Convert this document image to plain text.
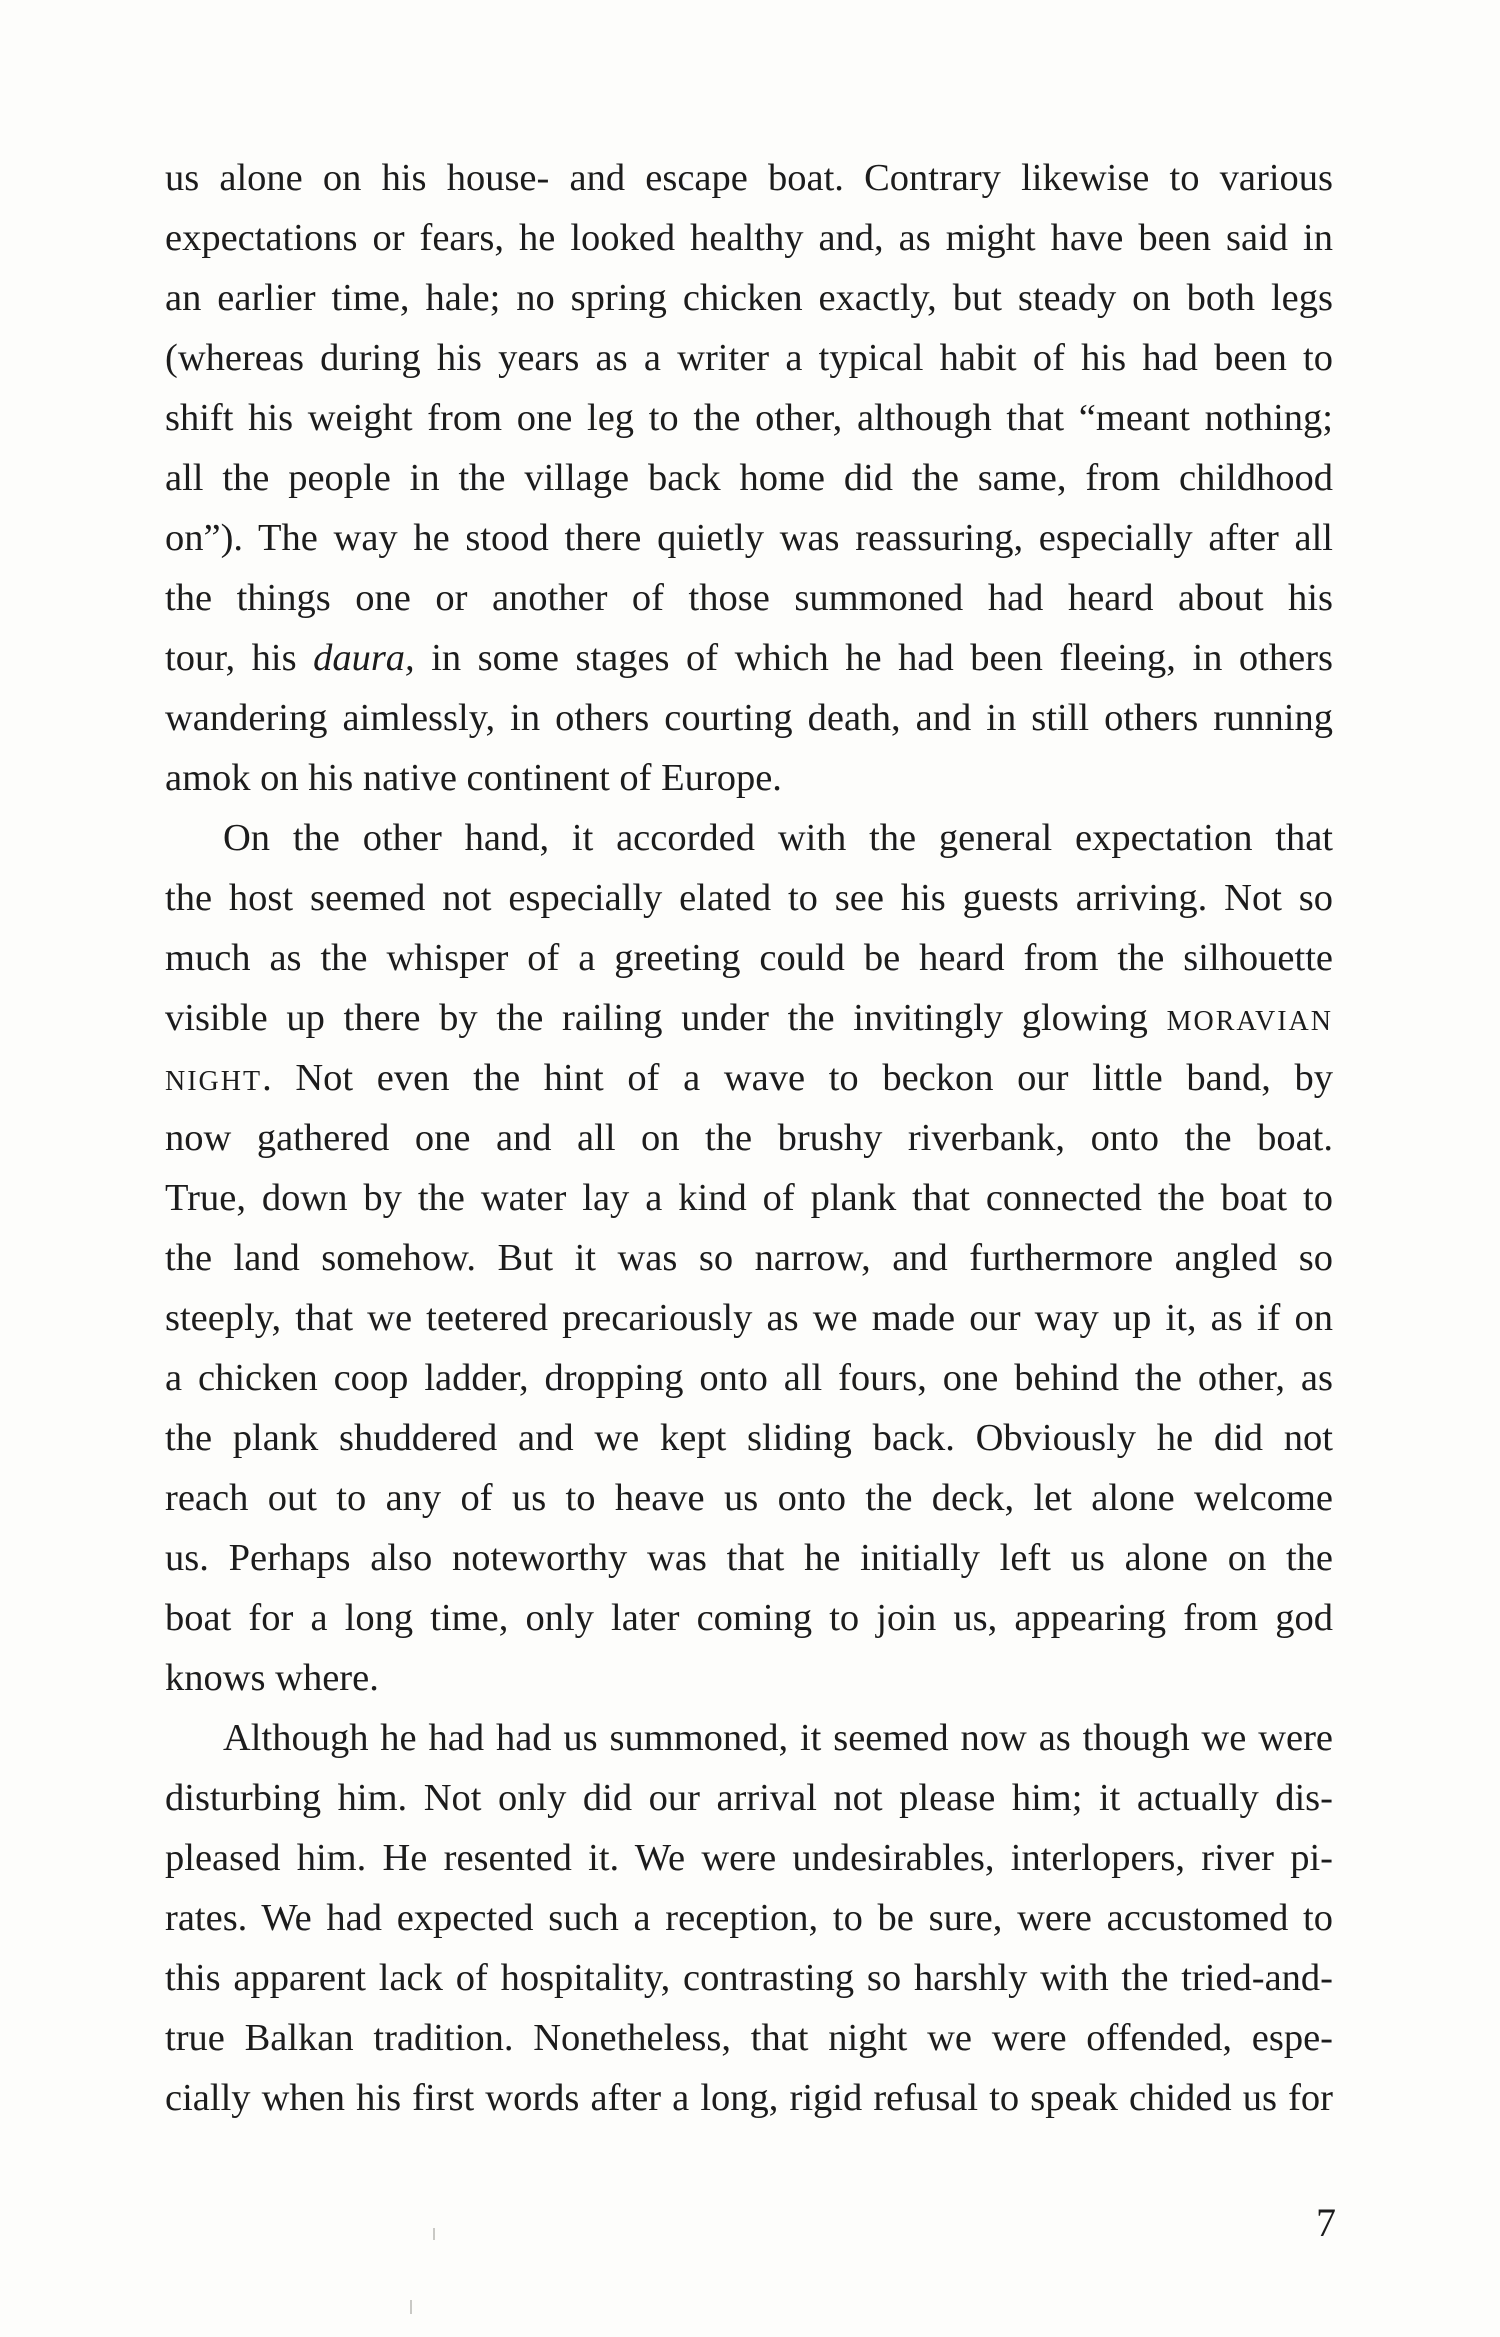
us alone on his house- and escape boat. Contrary likewise to various
expectations or fears, he looked healthy and, as might have been said in
an earlier time, hale; no spring chicken exactly, but steady on both legs
(whereas during his years as a writer a typical habit of his had been to
shift his weight from one leg to the other, although that “meant nothing;
all the people in the village back home did the same, from childhood
on”). The way he stood there quietly was reassuring, especially after all
the things one or another of those summoned had heard about his
tour, his daura, in some stages of which he had been fleeing, in others
wandering aimlessly, in others courting death, and in still others running
amok on his native continent of Europe.
On the other hand, it accorded with the general expectation that
the host seemed not especially elated to see his guests arriving. Not so
much as the whisper of a greeting could be heard from the silhouette
visible up there by the railing under the invitingly glowing MORAVIAN
NIGHT. Not even the hint of a wave to beckon our little band, by
now gathered one and all on the brushy riverbank, onto the boat.
True, down by the water lay a kind of plank that connected the boat to
the land somehow. But it was so narrow, and furthermore angled so
steeply, that we teetered precariously as we made our way up it, as if on
a chicken coop ladder, dropping onto all fours, one behind the other, as
the plank shuddered and we kept sliding back. Obviously he did not
reach out to any of us to heave us onto the deck, let alone welcome
us. Perhaps also noteworthy was that he initially left us alone on the
boat for a long time, only later coming to join us, appearing from god
knows where.
Although he had had us summoned, it seemed now as though we were
disturbing him. Not only did our arrival not please him; it actually dis-
pleased him. He resented it. We were undesirables, interlopers, river pi-
rates. We had expected such a reception, to be sure, were accustomed to
this apparent lack of hospitality, contrasting so harshly with the tried-and-
true Balkan tradition. Nonetheless, that night we were offended, espe-
cially when his first words after a long, rigid refusal to speak chided us for
7
